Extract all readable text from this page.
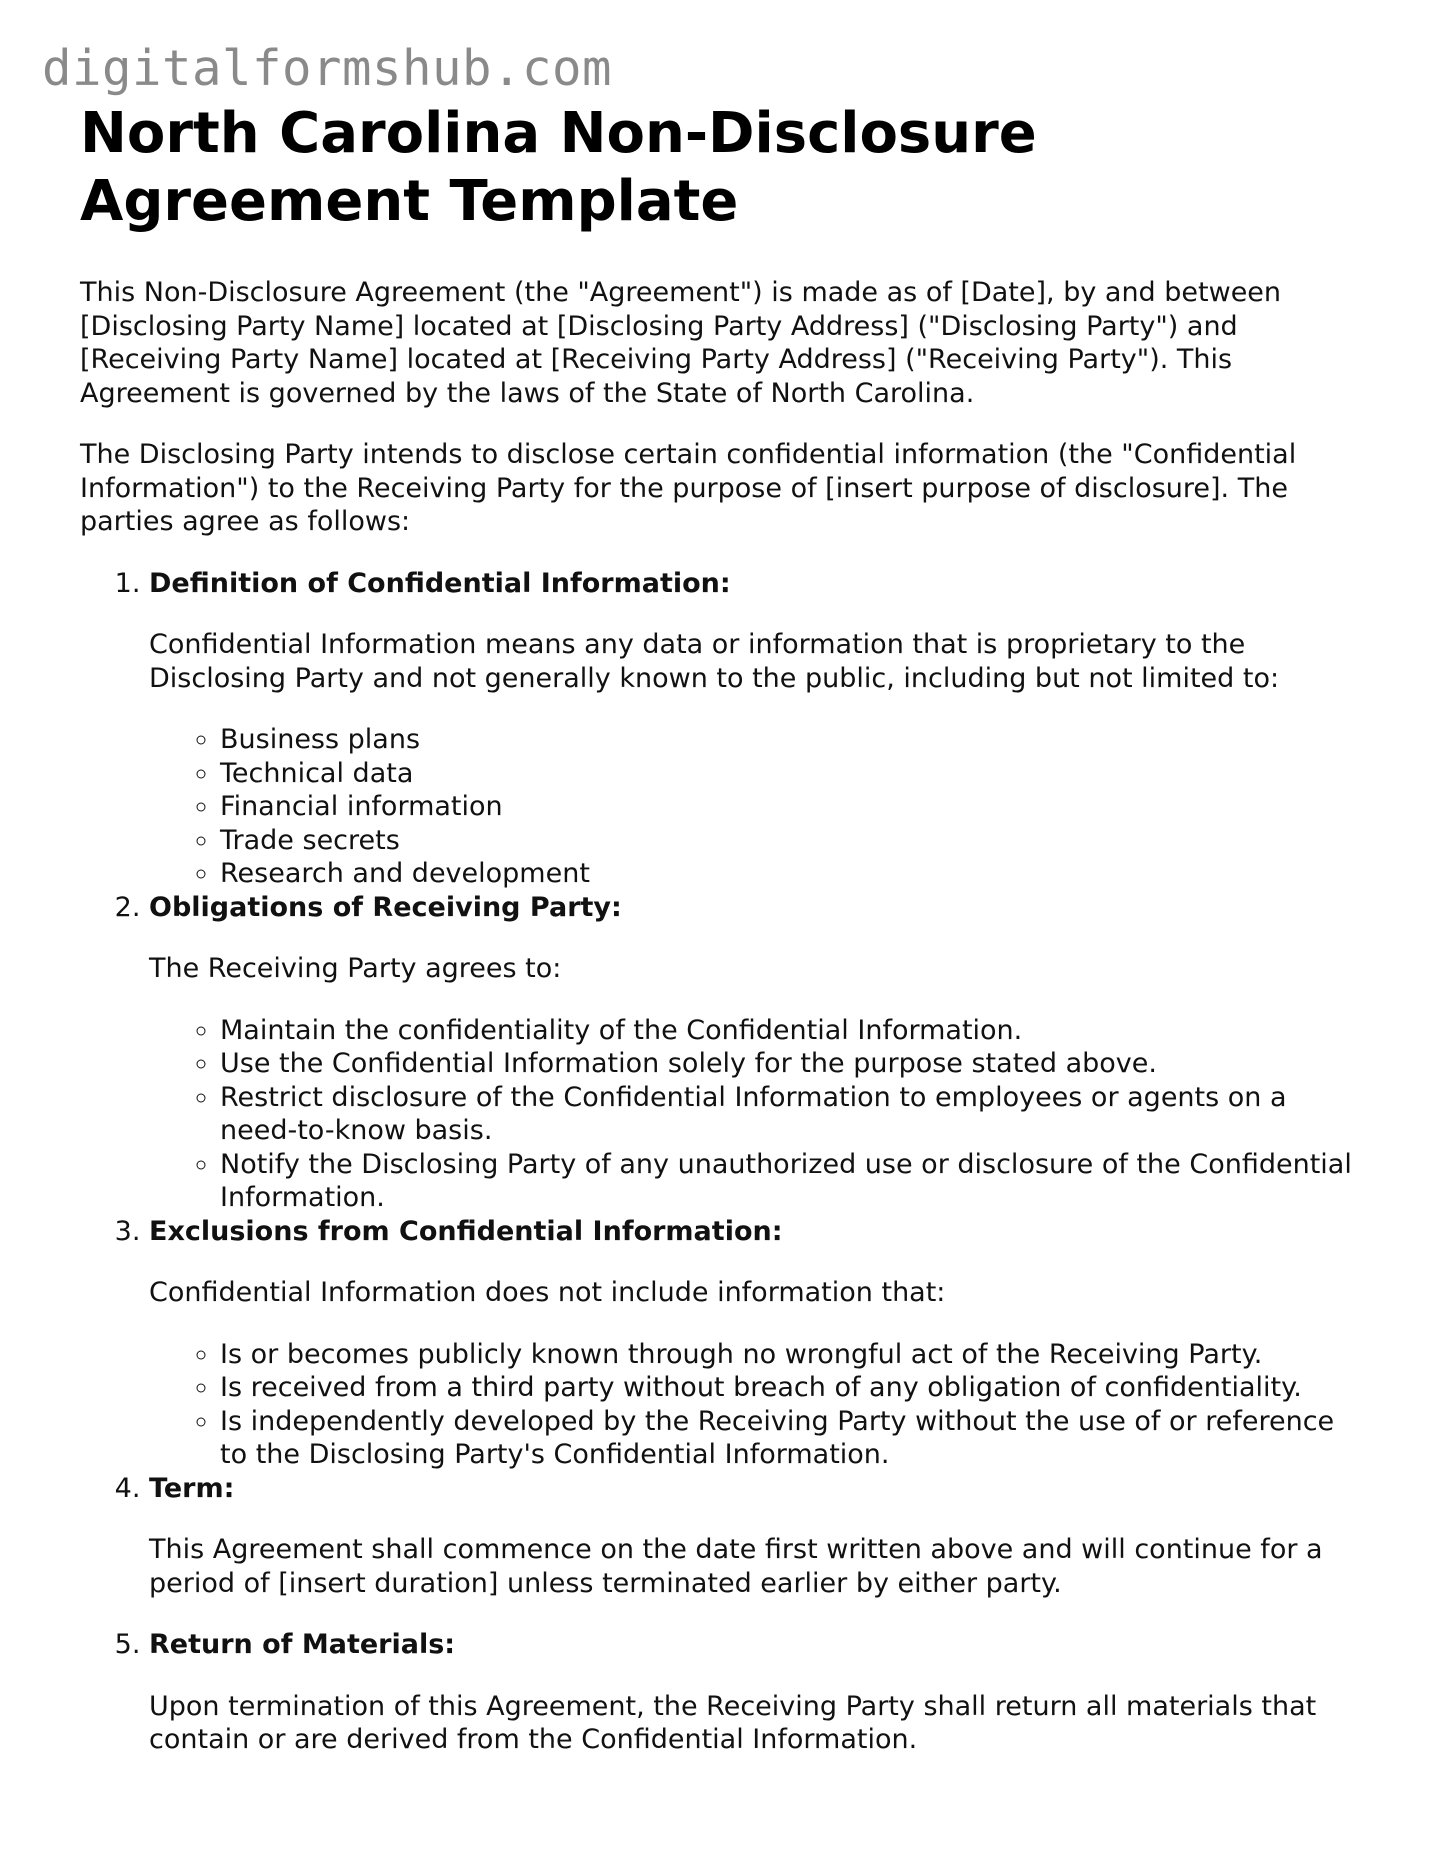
digitalformshub.com
North Carolina Non-Disclosure Agreement Template

This Non-Disclosure Agreement (the "Agreement") is made as of [Date], by and between [Disclosing Party Name] located at [Disclosing Party Address] ("Disclosing Party") and [Receiving Party Name] located at [Receiving Party Address] ("Receiving Party"). This Agreement is governed by the laws of the State of North Carolina.

The Disclosing Party intends to disclose certain confidential information (the "Confidential Information") to the Receiving Party for the purpose of [insert purpose of disclosure]. The parties agree as follows:

1. Definition of Confidential Information:
Confidential Information means any data or information that is proprietary to the Disclosing Party and not generally known to the public, including but not limited to:
◦ Business plans
◦ Technical data
◦ Financial information
◦ Trade secrets
◦ Research and development
2. Obligations of Receiving Party:
The Receiving Party agrees to:
◦ Maintain the confidentiality of the Confidential Information.
◦ Use the Confidential Information solely for the purpose stated above.
◦ Restrict disclosure of the Confidential Information to employees or agents on a need-to-know basis.
◦ Notify the Disclosing Party of any unauthorized use or disclosure of the Confidential Information.
3. Exclusions from Confidential Information:
Confidential Information does not include information that:
◦ Is or becomes publicly known through no wrongful act of the Receiving Party.
◦ Is received from a third party without breach of any obligation of confidentiality.
◦ Is independently developed by the Receiving Party without the use of or reference to the Disclosing Party's Confidential Information.
4. Term:
This Agreement shall commence on the date first written above and will continue for a period of [insert duration] unless terminated earlier by either party.
5. Return of Materials:
Upon termination of this Agreement, the Receiving Party shall return all materials that contain or are derived from the Confidential Information.
